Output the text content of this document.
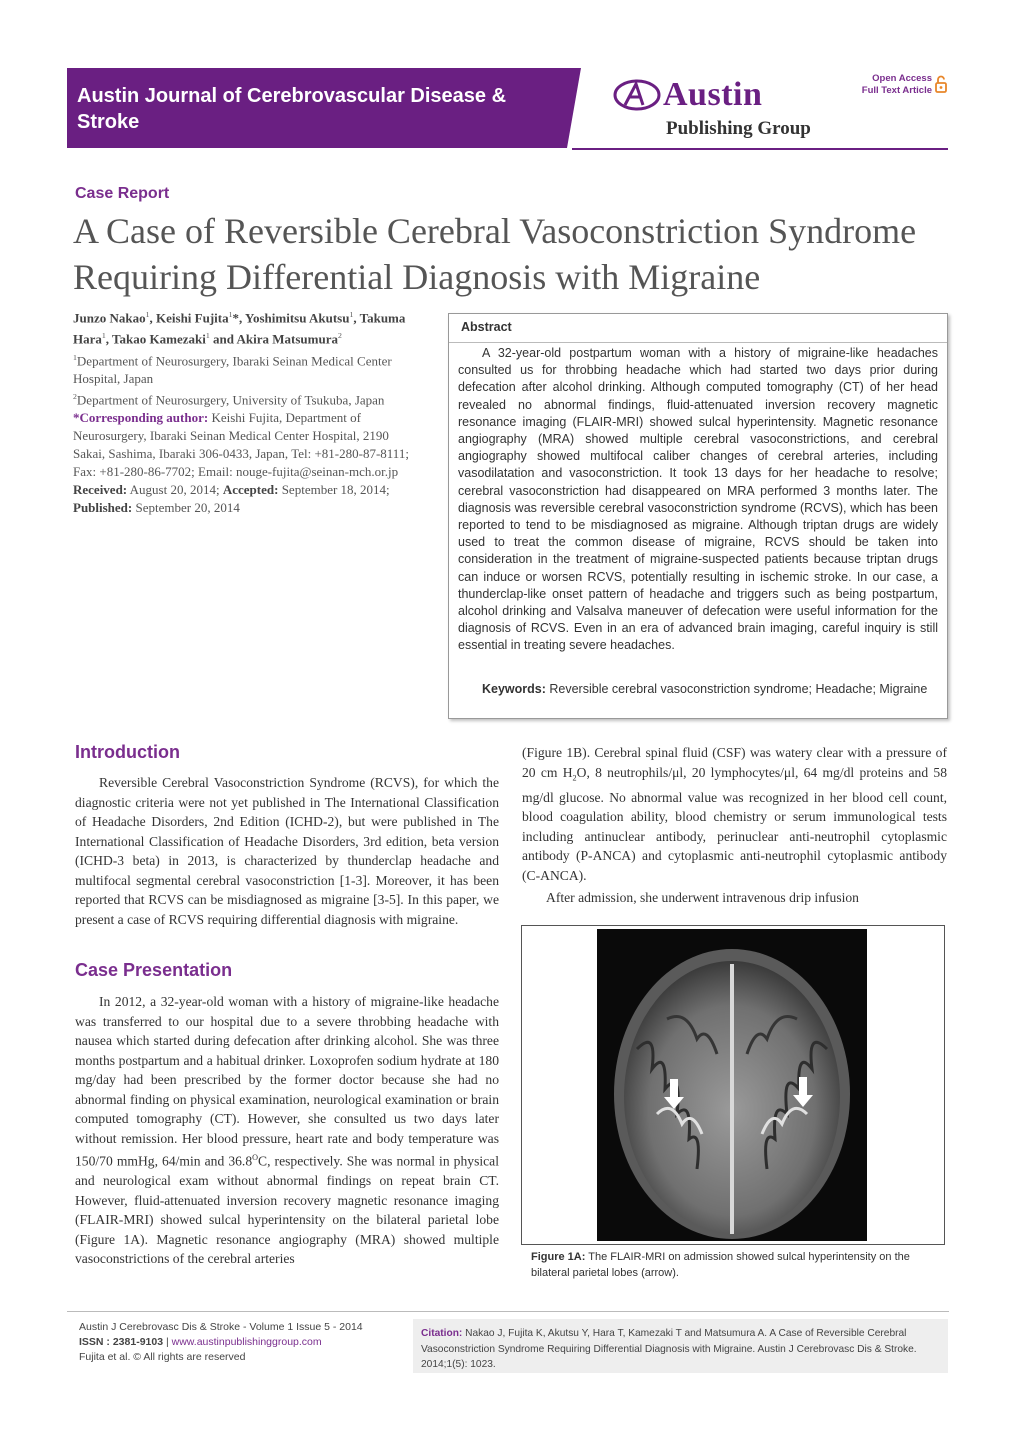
Austin Journal of Cerebrovascular Disease &
Stroke
Austin
Publishing Group
Open Access
Full Text Article
Case Report
A Case of Reversible Cerebral Vasoconstriction Syndrome Requiring Differential Diagnosis with Migraine
Junzo Nakao$^1$, Keishi Fujita$^1$*, Yoshimitsu Akutsu$^1$, Takuma Hara$^1$, Takao Kamezaki$^1$ and Akira Matsumura$^2$
$^1$Department of Neurosurgery, Ibaraki Seinan Medical Center Hospital, Japan
$^2$Department of Neurosurgery, University of Tsukuba, Japan
*Corresponding author: Keishi Fujita, Department of Neurosurgery, Ibaraki Seinan Medical Center Hospital, 2190 Sakai, Sashima, Ibaraki 306-0433, Japan, Tel: +81-280-87-8111; Fax: +81-280-86-7702; Email: nouge-fujita@seinan-mch.or.jp
Received: August 20, 2014; Accepted: September 18, 2014; Published: September 20, 2014
Abstract
A 32-year-old postpartum woman with a history of migraine-like headaches consulted us for throbbing headache which had started two days prior during defecation after alcohol drinking. Although computed tomography (CT) of her head revealed no abnormal findings, fluid-attenuated inversion recovery magnetic resonance imaging (FLAIR-MRI) showed sulcal hyperintensity. Magnetic resonance angiography (MRA) showed multiple cerebral vasoconstrictions, and cerebral angiography showed multifocal caliber changes of cerebral arteries, including vasodilatation and vasoconstriction. It took 13 days for her headache to resolve; cerebral vasoconstriction had disappeared on MRA performed 3 months later. The diagnosis was reversible cerebral vasoconstriction syndrome (RCVS), which has been reported to tend to be misdiagnosed as migraine. Although triptan drugs are widely used to treat the common disease of migraine, RCVS should be taken into consideration in the treatment of migraine-suspected patients because triptan drugs can induce or worsen RCVS, potentially resulting in ischemic stroke. In our case, a thunderclap-like onset pattern of headache and triggers such as being postpartum, alcohol drinking and Valsalva maneuver of defecation were useful information for the diagnosis of RCVS. Even in an era of advanced brain imaging, careful inquiry is still essential in treating severe headaches.
Keywords: Reversible cerebral vasoconstriction syndrome; Headache; Migraine
Introduction
Reversible Cerebral Vasoconstriction Syndrome (RCVS), for which the diagnostic criteria were not yet published in The International Classification of Headache Disorders, 2nd Edition (ICHD-2), but were published in The International Classification of Headache Disorders, 3rd edition, beta version (ICHD-3 beta) in 2013, is characterized by thunderclap headache and multifocal segmental cerebral vasoconstriction [1-3]. Moreover, it has been reported that RCVS can be misdiagnosed as migraine [3-5]. In this paper, we present a case of RCVS requiring differential diagnosis with migraine.
Case Presentation
In 2012, a 32-year-old woman with a history of migraine-like headache was transferred to our hospital due to a severe throbbing headache with nausea which started during defecation after drinking alcohol. She was three months postpartum and a habitual drinker. Loxoprofen sodium hydrate at 180 mg/day had been prescribed by the former doctor because she had no abnormal finding on physical examination, neurological examination or brain computed tomography (CT). However, she consulted us two days later without remission. Her blood pressure, heart rate and body temperature was 150/70 mmHg, 64/min and $36.8^OC$, respectively. She was normal in physical and neurological exam without abnormal findings on repeat brain CT. However, fluid-attenuated inversion recovery magnetic resonance imaging (FLAIR-MRI) showed sulcal hyperintensity on the bilateral parietal lobe (Figure 1A). Magnetic resonance angiography (MRA) showed multiple vasoconstrictions of the cerebral arteries
(Figure 1B). Cerebral spinal fluid (CSF) was watery clear with a pressure of 20 cm $H_2O$, 8 neutrophils/μl, 20 lymphocytes/μl, 64 mg/dl proteins and 58 mg/dl glucose. No abnormal value was recognized in her blood cell count, blood coagulation ability, blood chemistry or serum immunological tests including antinuclear antibody, perinuclear anti-neutrophil cytoplasmic antibody (P-ANCA) and cytoplasmic anti-neutrophil cytoplasmic antibody (C-ANCA).
After admission, she underwent intravenous drip infusion
Figure 1A: The FLAIR-MRI on admission showed sulcal hyperintensity on the bilateral parietal lobes (arrow).
Austin J Cerebrovasc Dis & Stroke - Volume 1 Issue 5 - 2014
ISSN : 2381-9103 | www.austinpublishinggroup.com
Fujita et al. © All rights are reserved
Citation: Nakao J, Fujita K, Akutsu Y, Hara T, Kamezaki T and Matsumura A. A Case of Reversible Cerebral Vasoconstriction Syndrome Requiring Differential Diagnosis with Migraine. Austin J Cerebrovasc Dis & Stroke. 2014;1(5): 1023.
